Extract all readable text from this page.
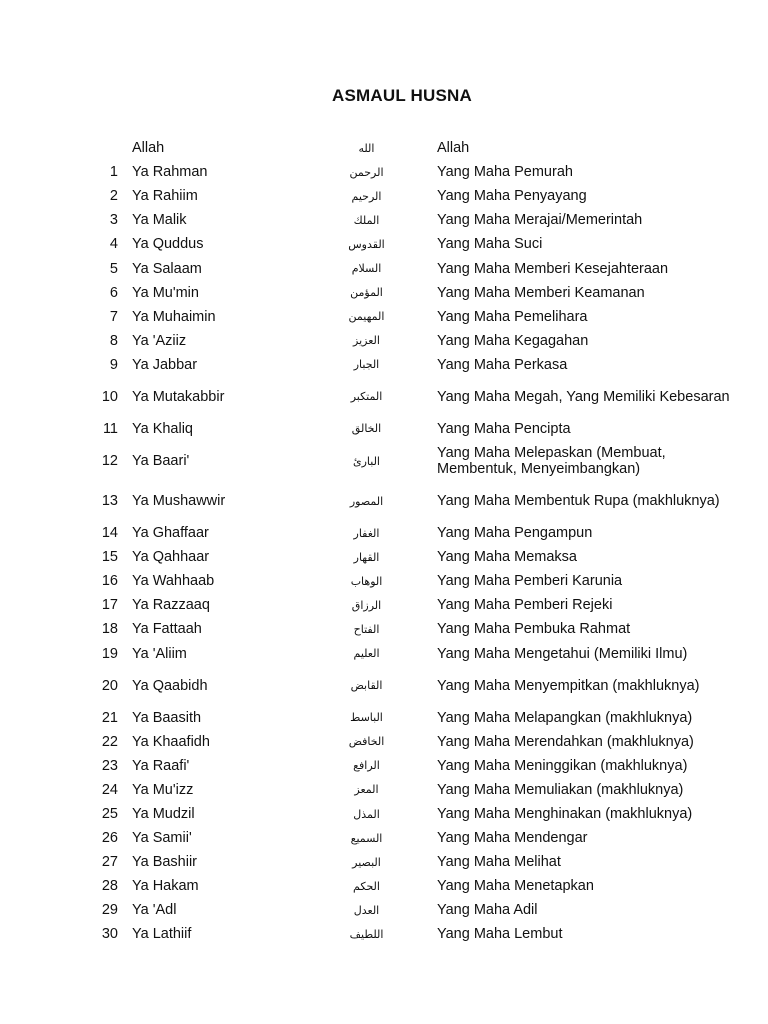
ASMAUL HUSNA
	Allah	الله	Allah
1	Ya Rahman	الرحمن	Yang Maha Pemurah
2	Ya Rahiim	الرحيم	Yang Maha Penyayang
3	Ya Malik	الملك	Yang Maha Merajai/Memerintah
4	Ya Quddus	القدوس	Yang Maha Suci
5	Ya Salaam	السلام	Yang Maha Memberi Kesejahteraan
6	Ya Mu'min	المؤمن	Yang Maha Memberi Keamanan
7	Ya Muhaimin	المهيمن	Yang Maha Pemelihara
8	Ya 'Aziiz	العزيز	Yang Maha Kegagahan
9	Ya Jabbar	الجبار	Yang Maha Perkasa
10	Ya Mutakabbir	المتكبر	Yang Maha Megah, Yang Memiliki Kebesaran
11	Ya Khaliq	الخالق	Yang Maha Pencipta
12	Ya Baari'	البارئ	Yang Maha Melepaskan (Membuat, Membentuk, Menyeimbangkan)
13	Ya Mushawwir	المصور	Yang Maha Membentuk Rupa (makhluknya)
14	Ya Ghaffaar	الغفار	Yang Maha Pengampun
15	Ya Qahhaar	القهار	Yang Maha Memaksa
16	Ya Wahhaab	الوهاب	Yang Maha Pemberi Karunia
17	Ya Razzaaq	الرزاق	Yang Maha Pemberi Rejeki
18	Ya Fattaah	الفتاح	Yang Maha Pembuka Rahmat
19	Ya 'Aliim	العليم	Yang Maha Mengetahui (Memiliki Ilmu)
20	Ya Qaabidh	القابض	Yang Maha Menyempitkan (makhluknya)
21	Ya Baasith	الباسط	Yang Maha Melapangkan (makhluknya)
22	Ya Khaafidh	الخافض	Yang Maha Merendahkan (makhluknya)
23	Ya Raafi'	الرافع	Yang Maha Meninggikan (makhluknya)
24	Ya Mu'izz	المعز	Yang Maha Memuliakan (makhluknya)
25	Ya Mudzil	المذل	Yang Maha Menghinakan (makhluknya)
26	Ya Samii'	السميع	Yang Maha Mendengar
27	Ya Bashiir	البصير	Yang Maha Melihat
28	Ya Hakam	الحكم	Yang Maha Menetapkan
29	Ya 'Adl	العدل	Yang Maha Adil
30	Ya Lathiif	اللطيف	Yang Maha Lembut
